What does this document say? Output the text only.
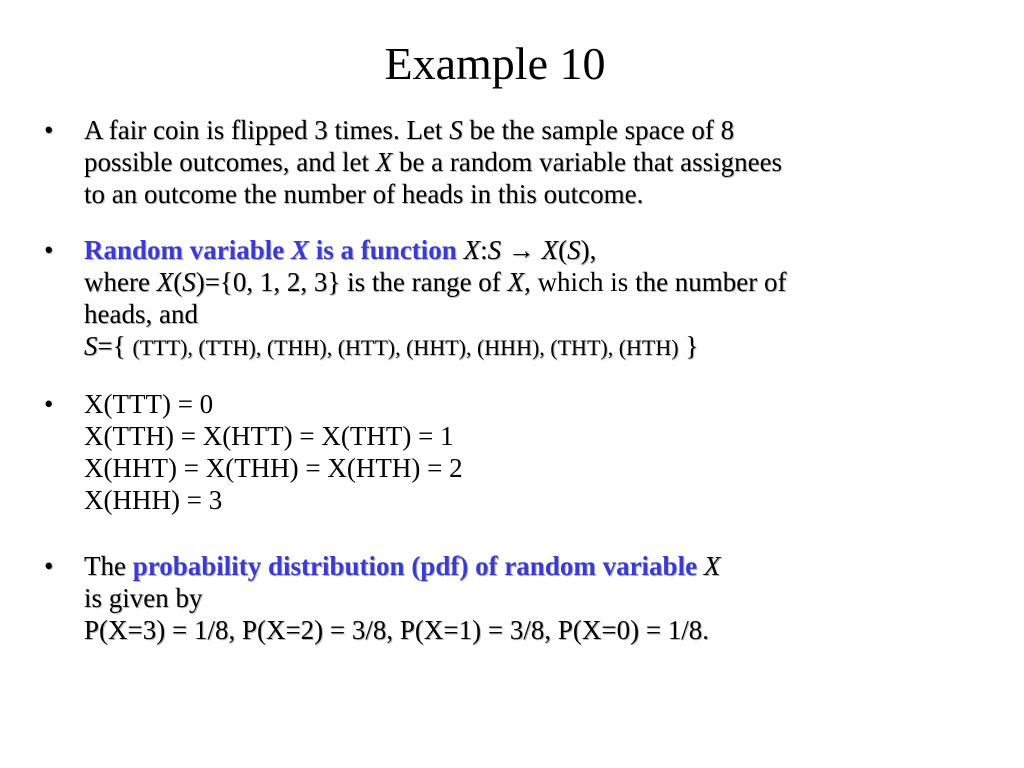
Example 10
•	A fair coin is flipped 3 times. Let S be the sample space of 8
possible outcomes, and let X be a random variable that assignees
to an outcome the number of heads in this outcome.
•	Random variable X is a function X:S → X(S),
where X(S)={0, 1, 2, 3} is the range of X, which is the number of
heads, and
S={ (TTT), (TTH), (THH), (HTT), (HHT), (HHH), (THT), (HTH) }
•	X(TTT) = 0
X(TTH) = X(HTT) = X(THT) = 1
X(HHT) = X(THH) = X(HTH) = 2
X(HHH) = 3
•	The probability distribution (pdf) of random variable X
is given by
P(X=3) = 1/8, P(X=2) = 3/8, P(X=1) = 3/8, P(X=0) = 1/8.
